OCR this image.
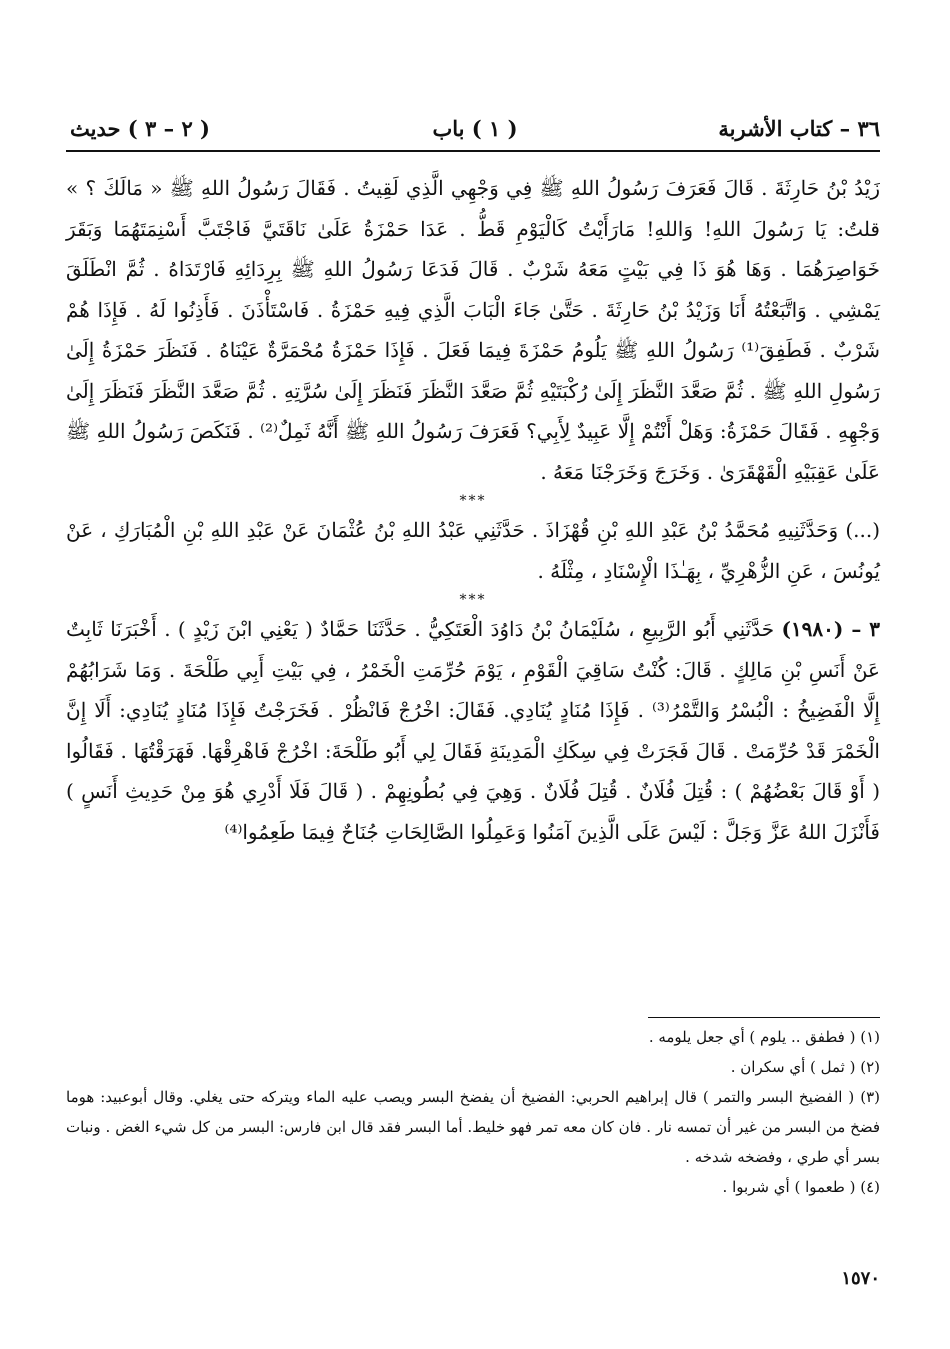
٣٦ – كتاب الأشربة
( ١ ) باب
( ٢ – ٣ ) حديث

زَيْدُ بْنُ حَارِثَةَ . قَالَ فَعَرَفَ رَسُولُ اللهِ ﷺ فِي وَجْهِي الَّذِي لَقِيتُ . فَقَالَ رَسُولُ اللهِ ﷺ « مَالَكَ ؟ » قلتُ: يَا رَسُولَ اللهِ! وَاللهِ! مَارَأَيْتُ كَالْيَوْمِ قَطُّ . عَدَا حَمْزَةُ عَلَىٰ نَاقَتَيَّ فَاجْتَبَّ أَسْنِمَتَهُمَا وَبَقَرَ خَوَاصِرَهُمَا . وَهَا هُوَ ذَا فِي بَيْتٍ مَعَهُ شَرْبٌ . قَالَ فَدَعَا رَسُولُ اللهِ ﷺ بِرِدَائِهِ فَارْتَدَاهُ . ثُمَّ انْطَلَقَ يَمْشِي . وَاتَّبَعْتُهُ أَنَا وَزَيْدُ بْنُ حَارِثَةَ . حَتَّىٰ جَاءَ الْبَابَ الَّذِي فِيهِ حَمْزَةُ . فَاسْتَأْذَنَ . فَأَذِنُوا لَهُ . فَإِذَا هُمْ شَرْبٌ . فَطَفِقَ⁽¹⁾ رَسُولُ اللهِ ﷺ يَلُومُ حَمْزَةَ فِيمَا فَعَلَ . فَإِذَا حَمْزَةُ مُحْمَرَّةٌ عَيْنَاهُ . فَنَظَرَ حَمْزَةُ إِلَىٰ رَسُولِ اللهِ ﷺ . ثُمَّ صَعَّدَ النَّظَرَ إِلَىٰ رُكْبَتَيْهِ ثُمَّ صَعَّدَ النَّظَرَ فَنَظَرَ إِلَىٰ سُرَّتِهِ . ثُمَّ صَعَّدَ النَّظَرَ فَنَظَرَ إِلَىٰ وَجْهِهِ . فَقَالَ حَمْزَةُ: وَهَلْ أَنْتُمْ إِلَّا عَبِيدٌ لِأَبِي؟ فَعَرَفَ رَسُولُ اللهِ ﷺ أَنَّهُ ثَمِلٌ⁽²⁾ . فَنَكَصَ رَسُولُ اللهِ ﷺ عَلَىٰ عَقِبَيْهِ الْقَهْقَرَىٰ . وَخَرَجَ وَخَرَجْنَا مَعَهُ .

***

(...) وَحَدَّثَنِيهِ مُحَمَّدُ بْنُ عَبْدِ اللهِ بْنِ قُهْزَاذَ . حَدَّثَنِي عَبْدُ اللهِ بْنُ عُثْمَانَ عَنْ عَبْدِ اللهِ بْنِ الْمُبَارَكِ ، عَنْ يُونُسَ ، عَنِ الزُّهْرِيِّ ، بِهَـٰذَا الْإِسْنَادِ ، مِثْلَهُ .

***

٣ – (١٩٨٠) حَدَّثَنِي أَبُو الرَّبِيعِ ، سُلَيْمَانُ بْنُ دَاوُدَ الْعَتَكِيُّ . حَدَّثَنَا حَمَّادٌ ( يَعْنِي ابْنَ زَيْدٍ ) . أَخْبَرَنَا ثَابِتٌ عَنْ أَنَسِ بْنِ مَالِكٍ . قَالَ: كُنْتُ سَاقِيَ الْقَوْمِ ، يَوْمَ حُرِّمَتِ الْخَمْرُ ، فِي بَيْتِ أَبِي طَلْحَةَ . وَمَا شَرَابُهُمْ إِلَّا الْفَضِيخُ : الْبُسْرُ وَالتَّمْرُ⁽³⁾ . فَإِذَا مُنَادٍ يُنَادِي. فَقَالَ: اخْرُجْ فَانْظُرْ . فَخَرَجْتُ فَإِذَا مُنَادٍ يُنَادِي: أَلَا إِنَّ الْخَمْرَ قَدْ حُرِّمَتْ . قَالَ فَجَرَتْ فِي سِكَكِ الْمَدِينَةِ فَقَالَ لِي أَبُو طَلْحَةَ: اخْرُجْ فَاهْرِقْهَا. فَهَرَقْتُهَا . فَقَالُوا ( أَوْ قَالَ بَعْضُهُمْ ) : قُتِلَ فُلَانٌ . قُتِلَ فُلَانٌ . وَهِيَ فِي بُطُونِهِمْ . ( قَالَ فَلَا أَدْرِي هُوَ مِنْ حَدِيثِ أَنَسٍ ) فَأَنْزَلَ اللهُ عَزَّ وَجَلَّ : لَيْسَ عَلَى الَّذِينَ آمَنُوا وَعَمِلُوا الصَّالِحَاتِ جُنَاحٌ فِيمَا طَعِمُوا⁽⁴⁾

(١) ( فطفق .. يلوم ) أي جعل يلومه .

(٢) ( ثمل ) أي سكران .

(٣) ( الفضيخ البسر والتمر ) قال إبراهيم الحربي: الفضيخ أن يفضخ البسر ويصب عليه الماء ويتركه حتى يغلي. وقال أبوعبيد: هوما فضخ من البسر من غير أن تمسه نار . فان كان معه تمر فهو خليط. أما البسر فقد قال ابن فارس: البسر من كل شيء الغض . ونبات بسر أي طري ، وفضخه شدخه .

(٤) ( طعموا ) أي شربوا .

١٥٧٠
